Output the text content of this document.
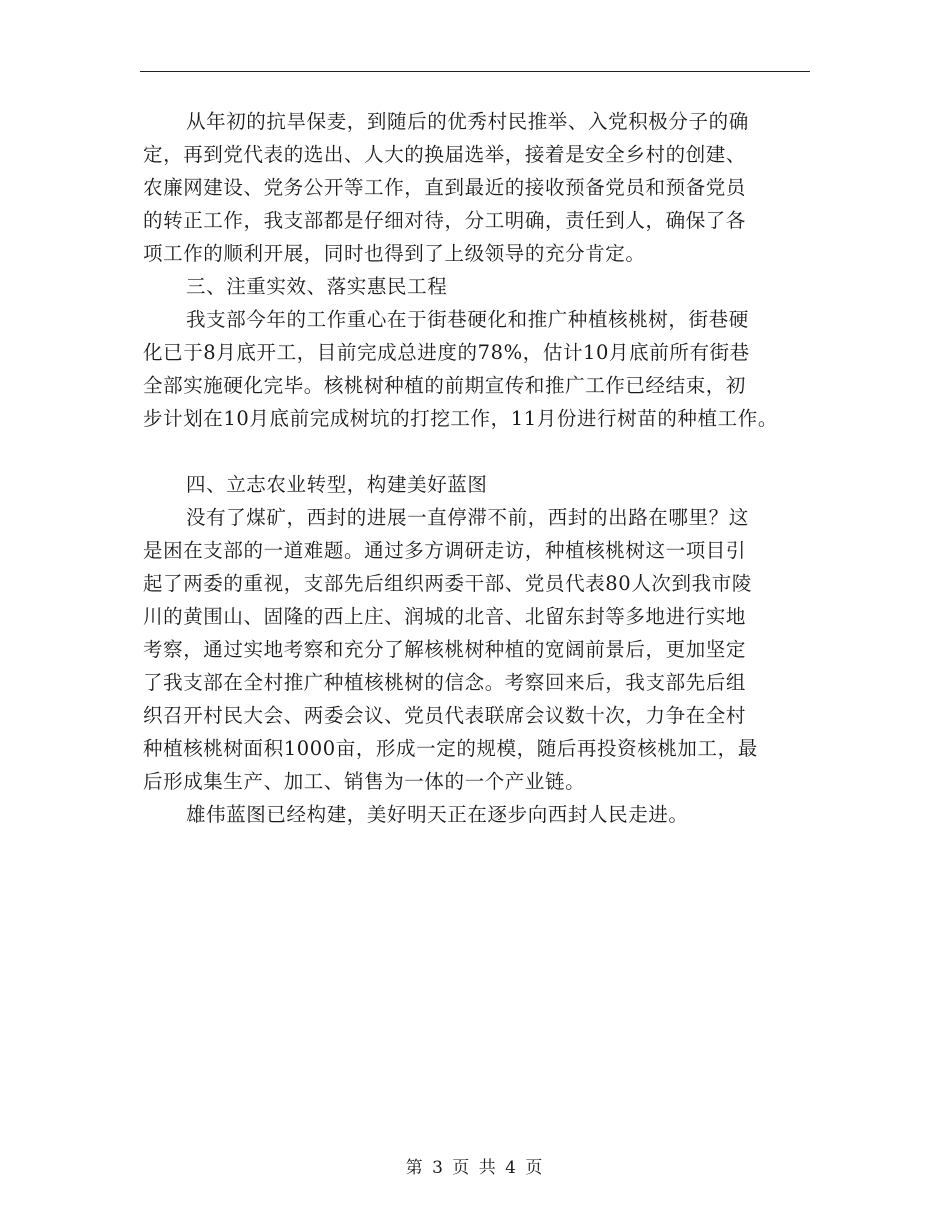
从年初的抗旱保麦，到随后的优秀村民推举、入党积极分子的确
定，再到党代表的选出、人大的换届选举，接着是安全乡村的创建、
农廉网建设、党务公开等工作，直到最近的接收预备党员和预备党员
的转正工作，我支部都是仔细对待，分工明确，责任到人，确保了各
项工作的顺利开展，同时也得到了上级领导的充分肯定。
三、注重实效、落实惠民工程
我支部今年的工作重心在于街巷硬化和推广种植核桃树，街巷硬
化已于8月底开工，目前完成总进度的78%，估计10月底前所有街巷
全部实施硬化完毕。核桃树种植的前期宣传和推广工作已经结束，初
步计划在10月底前完成树坑的打挖工作，11月份进行树苗的种植工作。
四、立志农业转型，构建美好蓝图
没有了煤矿，西封的进展一直停滞不前，西封的出路在哪里？这
是困在支部的一道难题。通过多方调研走访，种植核桃树这一项目引
起了两委的重视，支部先后组织两委干部、党员代表80人次到我市陵
川的黄围山、固隆的西上庄、润城的北音、北留东封等多地进行实地
考察，通过实地考察和充分了解核桃树种植的宽阔前景后，更加坚定
了我支部在全村推广种植核桃树的信念。考察回来后，我支部先后组
织召开村民大会、两委会议、党员代表联席会议数十次，力争在全村
种植核桃树面积1000亩，形成一定的规模，随后再投资核桃加工，最
后形成集生产、加工、销售为一体的一个产业链。
雄伟蓝图已经构建，美好明天正在逐步向西封人民走进。
第 3 页 共 4 页
